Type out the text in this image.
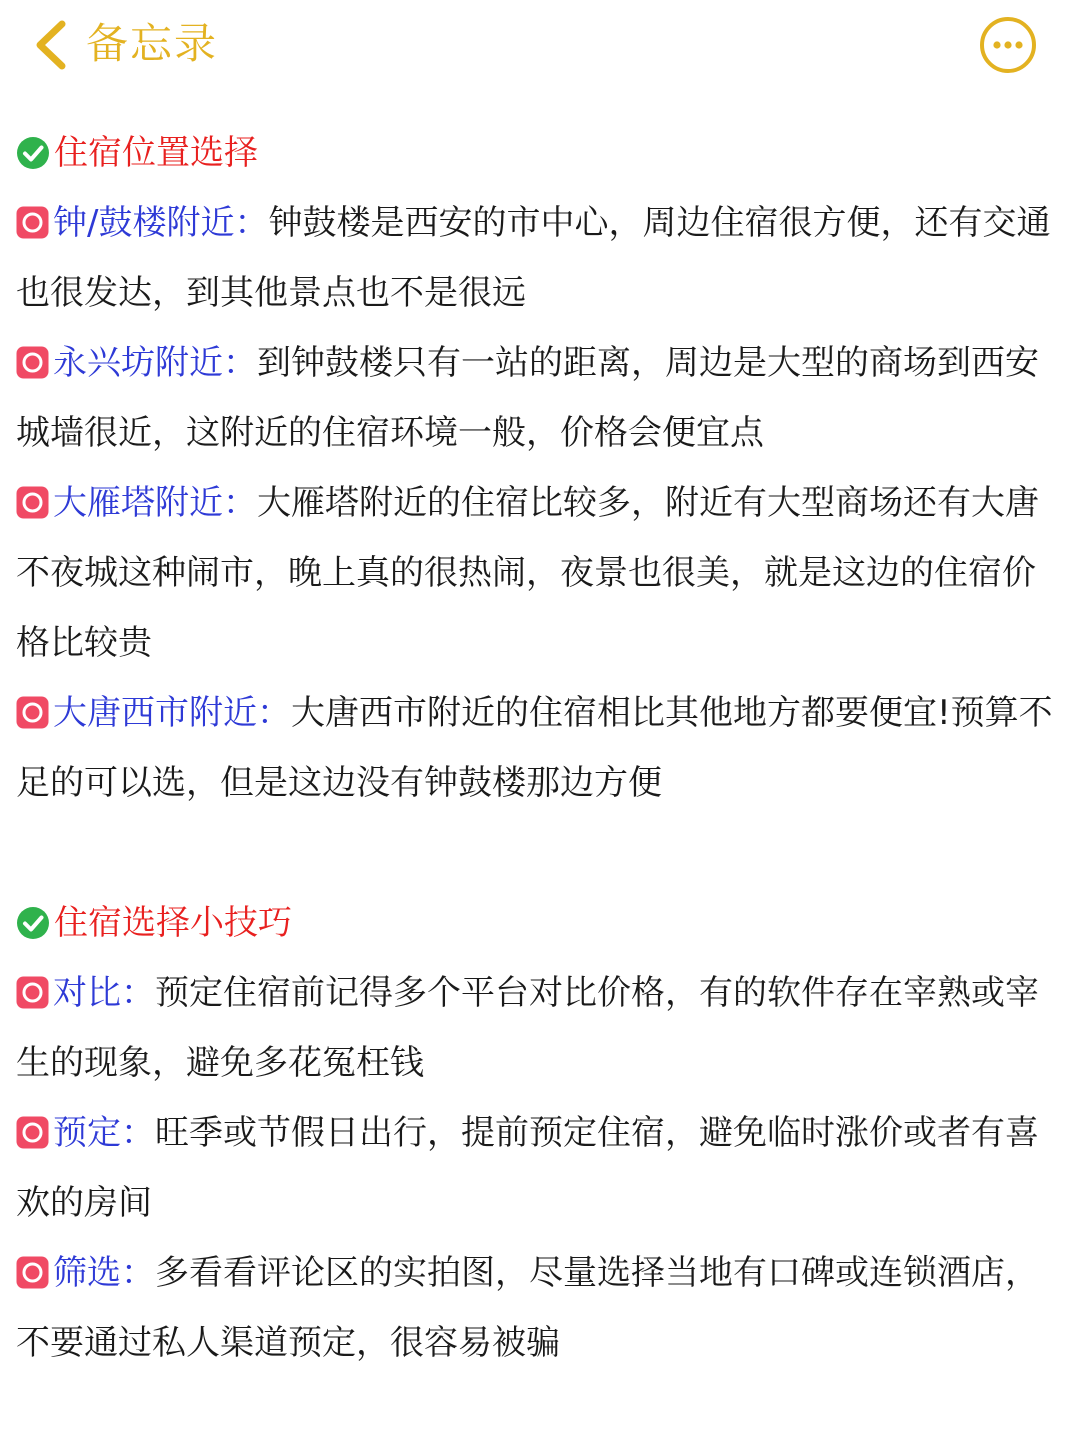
备忘录
住宿位置选择
钟/鼓楼附近：钟鼓楼是西安的市中心，周边住宿很方便，还有交通也很发达，到其他景点也不是很远
永兴坊附近：到钟鼓楼只有一站的距离，周边是大型的商场到西安城墙很近，这附近的住宿环境一般，价格会便宜点
大雁塔附近：大雁塔附近的住宿比较多，附近有大型商场还有大唐不夜城这种闹市，晚上真的很热闹，夜景也很美，就是这边的住宿价格比较贵
大唐西市附近：大唐西市附近的住宿相比其他地方都要便宜!预算不足的可以选，但是这边没有钟鼓楼那边方便
住宿选择小技巧
对比：预定住宿前记得多个平台对比价格，有的软件存在宰熟或宰生的现象，避免多花冤枉钱
预定：旺季或节假日出行，提前预定住宿，避免临时涨价或者有喜欢的房间
筛选：多看看评论区的实拍图，尽量选择当地有口碑或连锁酒店，不要通过私人渠道预定，很容易被骗
